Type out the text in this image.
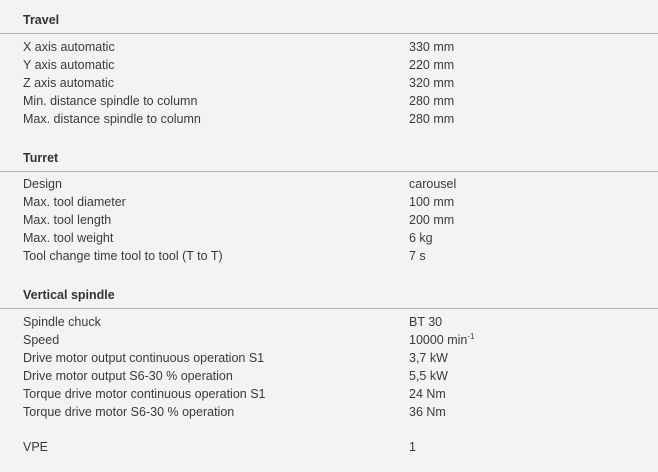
Travel
X axis automatic	330 mm
Y axis automatic	220 mm
Z axis automatic	320 mm
Min. distance spindle to column	280 mm
Max. distance spindle to column	280 mm
Turret
Design	carousel
Max. tool diameter	100 mm
Max. tool length	200 mm
Max. tool weight	6 kg
Tool change time tool to tool (T to T)	7 s
Vertical spindle
Spindle chuck	BT 30
Speed	10000 $\min^{-1}$
Drive motor output continuous operation S1	3,7 kW
Drive motor output S6-30 % operation	5,5 kW
Torque drive motor continuous operation S1	24 Nm
Torque drive motor S6-30 % operation	36 Nm
VPE	1
